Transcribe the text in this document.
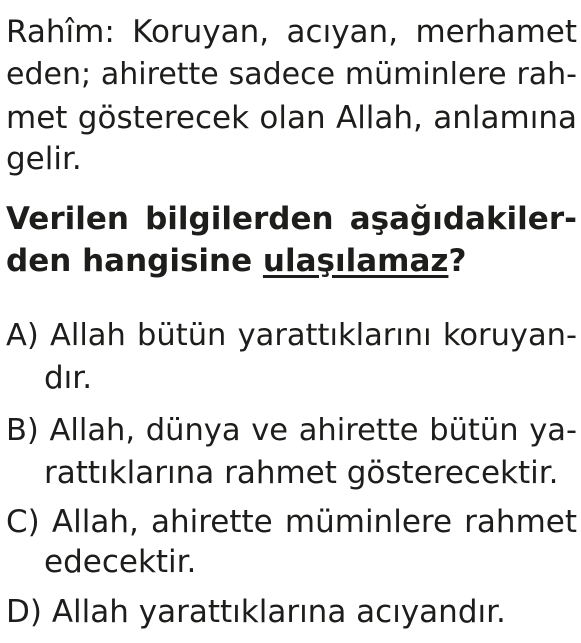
Rahîm: Koruyan, acıyan, merhamet
eden; ahirette sadece müminlere rah-
met gösterecek olan Allah, anlamına
gelir.
Verilen bilgilerden aşağıdakiler-
den hangisine ulaşılamaz?
A) Allah bütün yarattıklarını koruyan-
dır.
B) Allah, dünya ve ahirette bütün ya-
rattıklarına rahmet gösterecektir.
C) Allah, ahirette müminlere rahmet
edecektir.
D) Allah yarattıklarına acıyandır.
